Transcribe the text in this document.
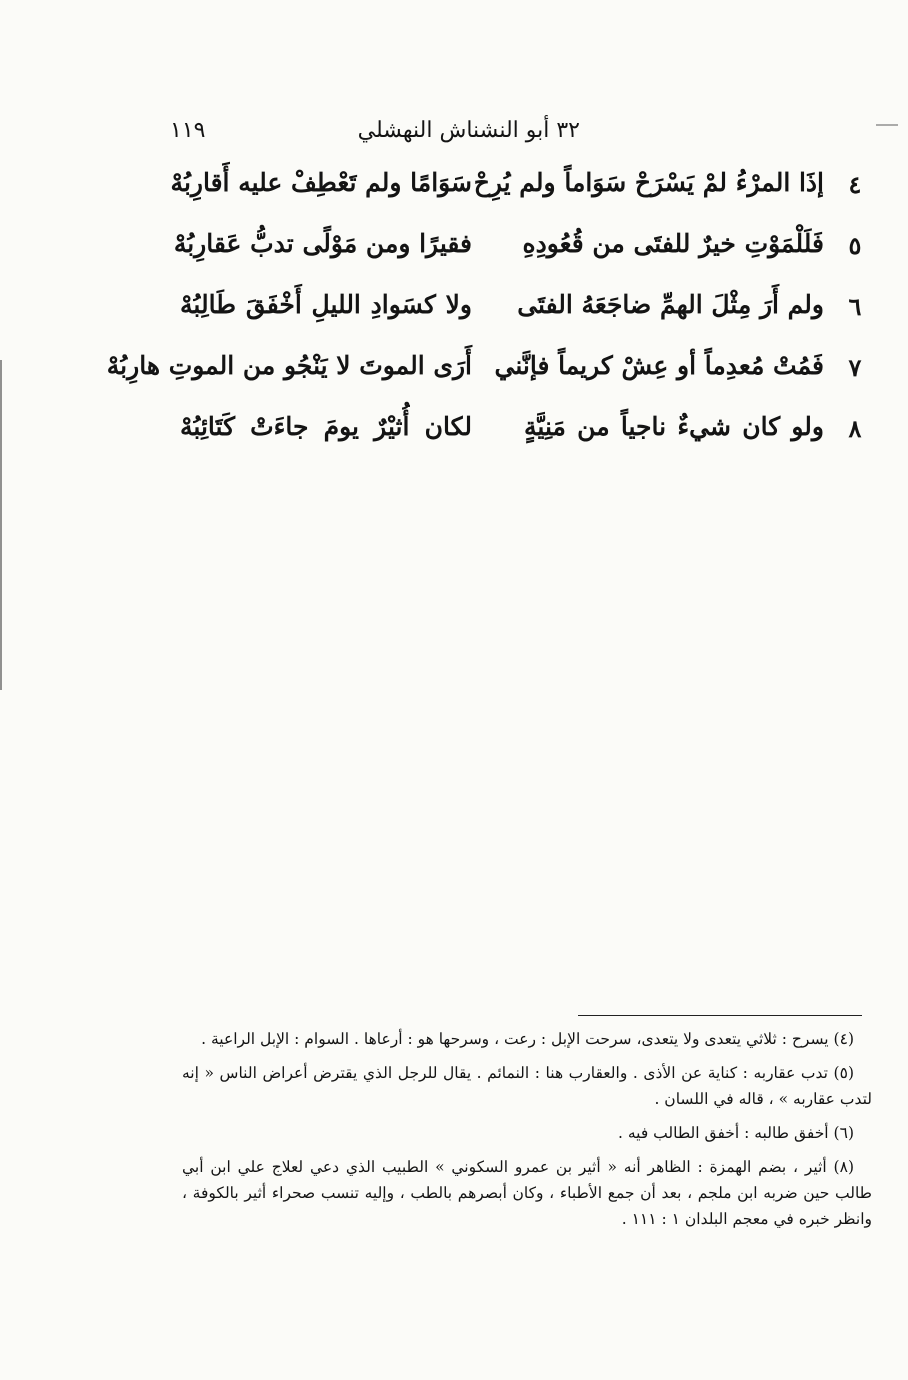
٣٢ أبو النشناش النهشلي
١١٩
٤
إذَا المرْءُ لمْ يَسْرَحْ سَوَاماً ولم يُرِحْ
سَوَامًا ولم تَعْطِفْ عليه أَقارِبُهْ
٥
فَلَلْمَوْتِ خيرٌ للفتَى من قُعُودِهِ
فقيرًا ومن مَوْلًى تدبُّ عَقارِبُهْ
٦
ولم أَرَ مِثْلَ الهمِّ ضاجَعَهُ الفتَى
ولا كسَوادِ الليلِ أَخْفَقَ طَالِبُهْ
٧
فَمُتْ مُعدِماً أو عِشْ كريماً فإنَّني
أَرَى الموتَ لا يَنْجُو من الموتِ هارِبُهْ
٨
ولو كان شيءٌ ناجياً من مَنِيَّةٍ
لكان أُثيْرٌ يومَ جاءَتْ كَتَائِبُهْ

(٤) يسرح : ثلاثي يتعدى ولا يتعدى، سرحت الإبل : رعت ، وسرحها هو : أرعاها . السوام : الإبل الراعية .

(٥) تدب عقاربه : كناية عن الأذى . والعقارب هنا : النمائم . يقال للرجل الذي يقترض أعراض الناس « إنه لتدب عقاربه » ، قاله في اللسان .

(٦) أخفق طالبه : أخفق الطالب فيه .

(٨) أثير ، بضم الهمزة : الظاهر أنه « أثير بن عمرو السكوني » الطبيب الذي دعي لعلاج علي ابن أبي طالب حين ضربه ابن ملجم ، بعد أن جمع الأطباء ، وكان أبصرهم بالطب ، وإليه تنسب صحراء أثير بالكوفة ، وانظر خبره في معجم البلدان ١ : ١١١ .
